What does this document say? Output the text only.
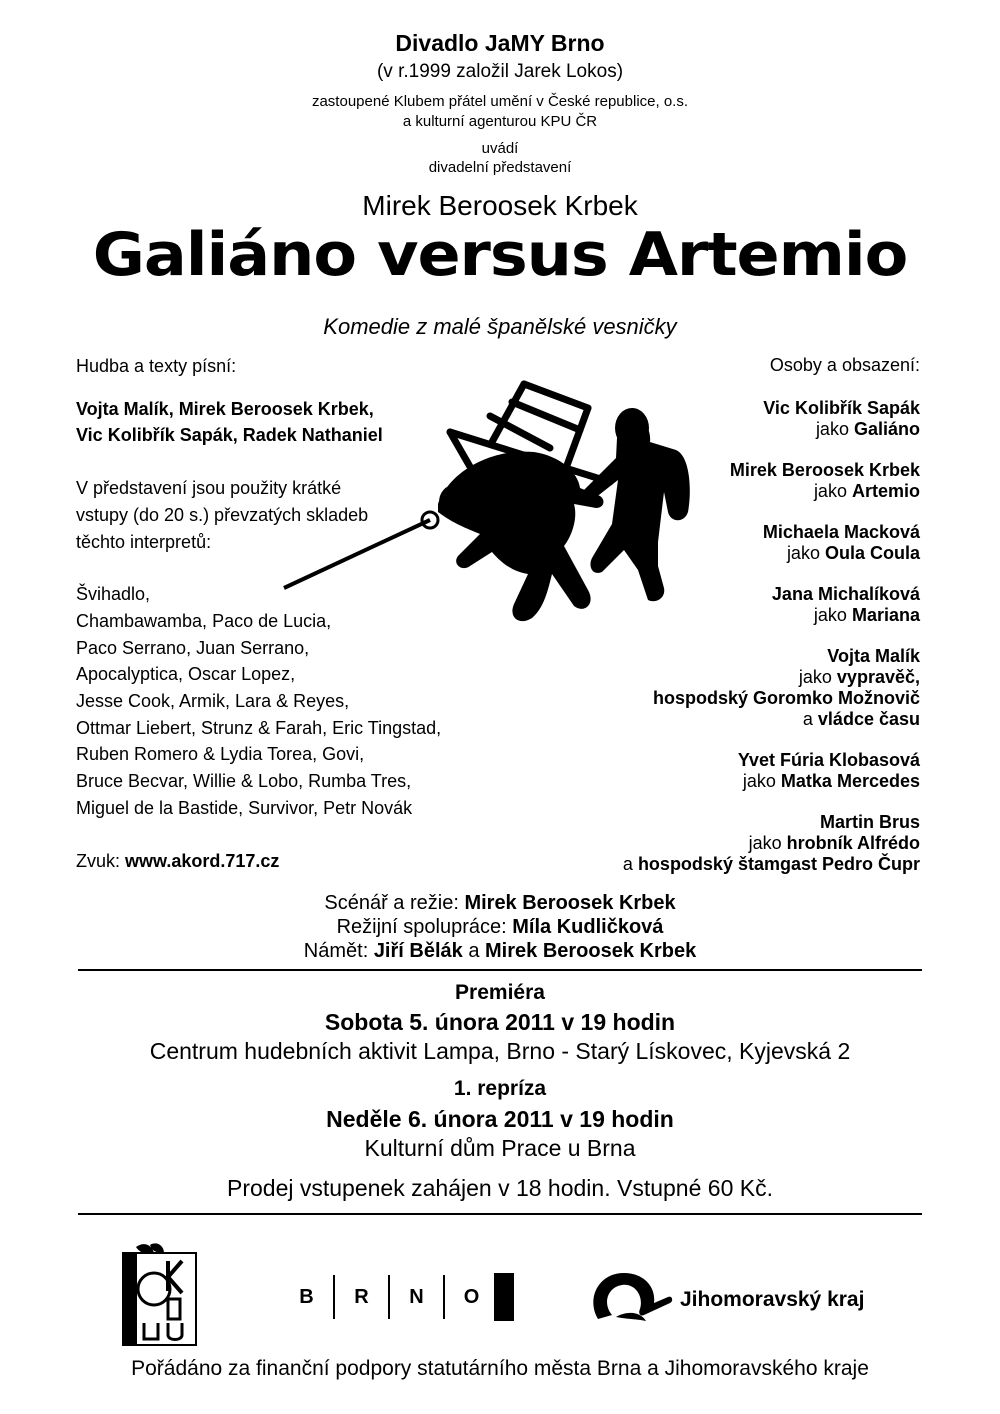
Divadlo JaMY Brno
(v r.1999 založil Jarek Lokos)
zastoupené Klubem přátel umění v České republice, o.s.
a kulturní agenturou KPU ČR
uvádí
divadelní představení
Mirek Beroosek Krbek
Galiáno versus Artemio
Komedie z malé španělské vesničky
Hudba a texty písní:
Vojta Malík, Mirek Beroosek Krbek,
Vic Kolibřík Sapák, Radek Nathaniel
V představení jsou použity krátké
vstupy (do 20 s.) převzatých skladeb
těchto interpretů:
Švihadlo,
Chambawamba, Paco de Lucia,
Paco Serrano, Juan Serrano,
Apocalyptica, Oscar Lopez,
Jesse Cook, Armik, Lara & Reyes,
Ottmar Liebert, Strunz & Farah, Eric Tingstad,
Ruben Romero & Lydia Torea, Govi,
Bruce Becvar, Willie & Lobo, Rumba Tres,
Miguel de la Bastide, Survivor, Petr Novák
Zvuk: www.akord.717.cz
Osoby a obsazení:
Vic Kolibřík Sapák
jako Galiáno
Mirek Beroosek Krbek
jako Artemio
Michaela Macková
jako Oula Coula
Jana Michalíková
jako Mariana
Vojta Malík
jako vypravěč,
hospodský Goromko Možnovič
a vládce času
Yvet Fúria Klobasová
jako Matka Mercedes
Martin Brus
jako hrobník Alfrédo
a hospodský štamgast Pedro Čupr
Scénář a režie: Mirek Beroosek Krbek
Režijní spolupráce: Míla Kudličková
Námět: Jiří Bělák a Mirek Beroosek Krbek
Premiéra
Sobota 5. února 2011 v 19 hodin
Centrum hudebních aktivit Lampa, Brno - Starý Lískovec, Kyjevská 2
1. repríza
Neděle 6. února 2011 v 19 hodin
Kulturní dům Prace u Brna
Prodej vstupenek zahájen v 18 hodin. Vstupné 60 Kč.
B	R	N	O	Jihomoravský kraj
Pořádáno za finanční podpory statutárního města Brna a Jihomoravského kraje
